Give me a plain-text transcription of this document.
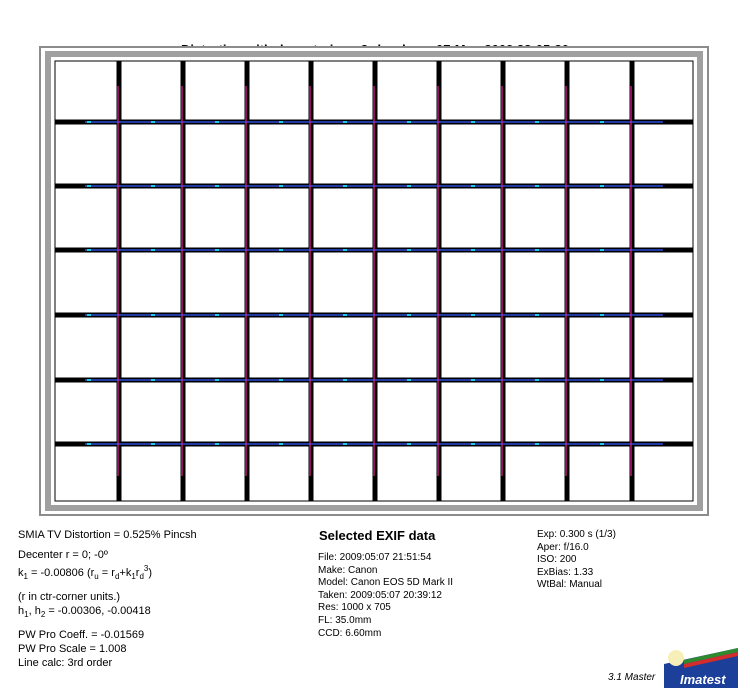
SMIA TV Distortion = 0.525% Pincsh
Decenter r = 0; -0º
$k_1 = -0.00806$ $(r_u = r_d+k_1r_d^3)$
(r in ctr-corner units.)
$h_1$, $h_2 = -0.00306$, -0.00418
PW Pro Coeff. = -0.01569
PW Pro Scale = 1.008
Line calc: 3rd order
Selected EXIF data
File: 2009:05:07 21:51:54
Make: Canon
Model: Canon EOS 5D Mark II
Taken: 2009:05:07 20:39:12
Res: 1000 x 705
FL: 35.0mm
CCD: 6.60mm
Exp: 0.300 s (1/3)
Aper: f/16.0
ISO: 200
ExBias: 1.33
WtBal: Manual
3.1 Master Imatest
